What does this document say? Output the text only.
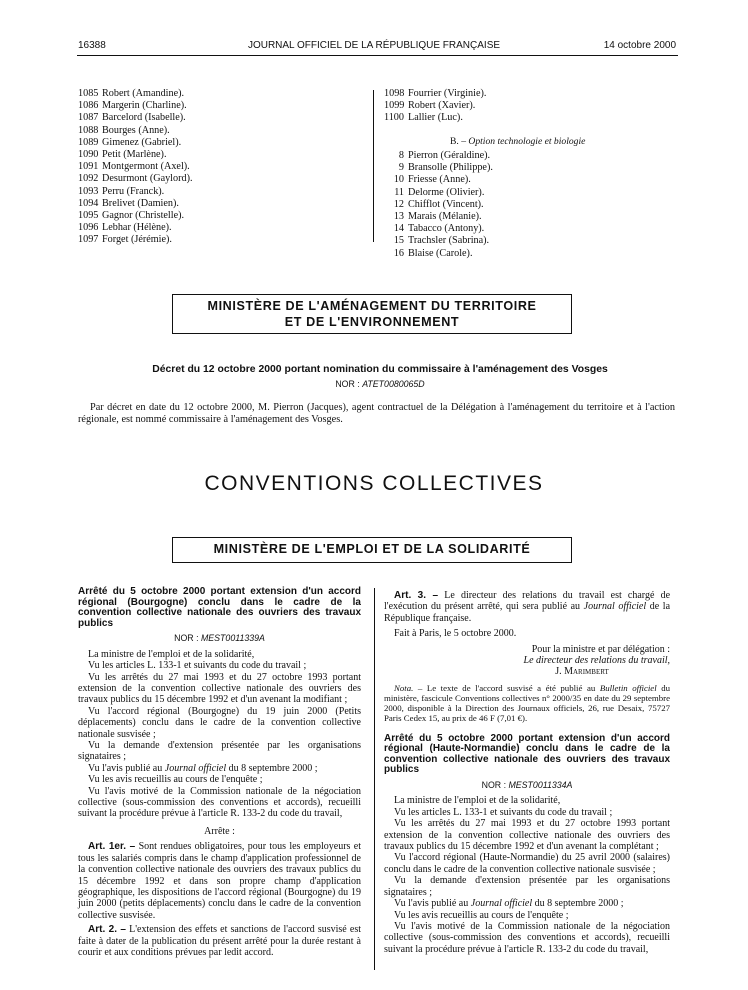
16388	JOURNAL OFFICIEL DE LA RÉPUBLIQUE FRANÇAISE	14 octobre 2000
1085 Robert (Amandine).
1086 Margerin (Charline).
1087 Barcelord (Isabelle).
1088 Bourges (Anne).
1089 Gimenez (Gabriel).
1090 Petit (Marlène).
1091 Montgermont (Axel).
1092 Desurmont (Gaylord).
1093 Perru (Franck).
1094 Brelivet (Damien).
1095 Gagnor (Christelle).
1096 Lebhar (Hélène).
1097 Forget (Jérémie).
1098 Fourrier (Virginie).
1099 Robert (Xavier).
1100 Lallier (Luc).
B. – Option technologie et biologie
8 Pierron (Géraldine).
9 Bransolle (Philippe).
10 Friesse (Anne).
11 Delorme (Olivier).
12 Chifflot (Vincent).
13 Marais (Mélanie).
14 Tabacco (Antony).
15 Trachsler (Sabrina).
16 Blaise (Carole).
MINISTÈRE DE L'AMÉNAGEMENT DU TERRITOIRE
ET DE L'ENVIRONNEMENT
Décret du 12 octobre 2000 portant nomination du commissaire à l'aménagement des Vosges
NOR : ATET0080065D
Par décret en date du 12 octobre 2000, M. Pierron (Jacques), agent contractuel de la Délégation à l'aménagement du territoire et à l'action régionale, est nommé commissaire à l'aménagement des Vosges.
CONVENTIONS COLLECTIVES
MINISTÈRE DE L'EMPLOI ET DE LA SOLIDARITÉ

Arrêté du 5 octobre 2000 portant extension d'un accord régional (Bourgogne) conclu dans le cadre de la convention collective nationale des ouvriers des travaux publics

NOR : MEST0011339A

La ministre de l'emploi et de la solidarité,

Vu les articles L. 133-1 et suivants du code du travail ;

Vu les arrêtés du 27 mai 1993 et du 27 octobre 1993 portant extension de la convention collective nationale des ouvriers des travaux publics du 15 décembre 1992 et d'un avenant la modifiant ;

Vu l'accord régional (Bourgogne) du 19 juin 2000 (Petits déplacements) conclu dans le cadre de la convention collective nationale susvisée ;

Vu la demande d'extension présentée par les organisations signataires ;

Vu l'avis publié au Journal officiel du 8 septembre 2000 ;

Vu les avis recueillis au cours de l'enquête ;

Vu l'avis motivé de la Commission nationale de la négociation collective (sous-commission des conventions et accords), recueilli suivant la procédure prévue à l'article R. 133-2 du code du travail,

Arrête :

Art. 1er. – Sont rendues obligatoires, pour tous les employeurs et tous les salariés compris dans le champ d'application professionnel de la convention collective nationale des ouvriers des travaux publics du 15 décembre 1992 et dans son propre champ d'application géographique, les dispositions de l'accord régional (Bourgogne) du 19 juin 2000 (petits déplacements) conclu dans le cadre de la convention collective susvisée.

Art. 2. – L'extension des effets et sanctions de l'accord susvisé est faite à dater de la publication du présent arrêté pour la durée restant à courir et aux conditions prévues par ledit accord.

Art. 3. – Le directeur des relations du travail est chargé de l'exécution du présent arrêté, qui sera publié au Journal officiel de la République française.

Fait à Paris, le 5 octobre 2000.

Pour la ministre et par délégation :

Le directeur des relations du travail,

J. Marimbert

Nota. – Le texte de l'accord susvisé a été publié au Bulletin officiel du ministère, fascicule Conventions collectives n° 2000/35 en date du 29 septembre 2000, disponible à la Direction des Journaux officiels, 26, rue Desaix, 75727 Paris Cedex 15, au prix de 46 F (7,01 €).

Arrêté du 5 octobre 2000 portant extension d'un accord régional (Haute-Normandie) conclu dans le cadre de la convention collective nationale des ouvriers des travaux publics

NOR : MEST0011334A

La ministre de l'emploi et de la solidarité,

Vu les articles L. 133-1 et suivants du code du travail ;

Vu les arrêtés du 27 mai 1993 et du 27 octobre 1993 portant extension de la convention collective nationale des ouvriers des travaux publics du 15 décembre 1992 et d'un avenant la complétant ;

Vu l'accord régional (Haute-Normandie) du 25 avril 2000 (salaires) conclu dans le cadre de la convention collective nationale susvisée ;

Vu la demande d'extension présentée par les organisations signataires ;

Vu l'avis publié au Journal officiel du 8 septembre 2000 ;

Vu les avis recueillis au cours de l'enquête ;

Vu l'avis motivé de la Commission nationale de la négociation collective (sous-commission des conventions et accords), recueilli suivant la procédure prévue à l'article R. 133-2 du code du travail,
